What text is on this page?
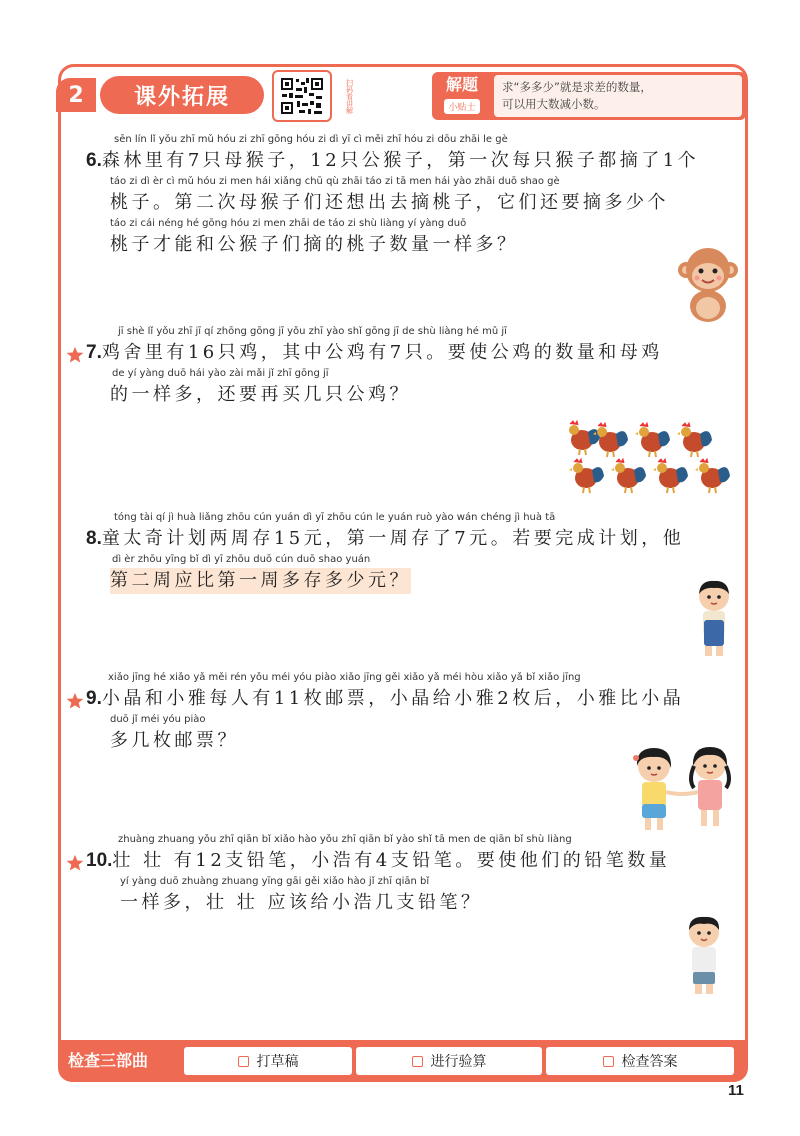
2	课外拓展	扫码看讲解	解题
小贴士
求“多多少”就是求差的数量，
可以用大数减小数。
sēn lín lǐ yǒu zhī mǔ hóu zi zhī gōng hóu zi dì yī cì měi zhī hóu zi dōu zhāi le gè
6.森林里有7只母猴子，12只公猴子，第一次每只猴子都摘了1个
táo zi dì èr cì mǔ hóu zi men hái xiǎng chū qù zhāi táo zi tā men hái yào zhāi duō shao gè
桃子。第二次母猴子们还想出去摘桃子，它们还要摘多少个
táo zi cái néng hé gōng hóu zi men zhāi de táo zi shù liàng yí yàng duō
桃子才能和公猴子们摘的桃子数量一样多？
jī shè lǐ yǒu zhī jī qí zhōng gōng jī yǒu zhī yào shǐ gōng jī de shù liàng hé mǔ jī
7.鸡舍里有16只鸡，其中公鸡有7只。要使公鸡的数量和母鸡
de yí yàng duō hái yào zài mǎi jǐ zhī gōng jī
的一样多，还要再买几只公鸡？
tóng tài qí jì huà liǎng zhōu cún yuán dì yī zhōu cún le yuán ruò yào wán chéng jì huà tā
8.童太奇计划两周存15元，第一周存了7元。若要完成计划，他
dì èr zhōu yīng bǐ dì yī zhōu duō cún duō shao yuán
第二周应比第一周多存多少元？
xiǎo jīng hé xiǎo yǎ měi rén yǒu méi yóu piào xiǎo jīng gěi xiǎo yǎ méi hòu xiǎo yǎ bǐ xiǎo jīng
9.小晶和小雅每人有11枚邮票，小晶给小雅2枚后，小雅比小晶
duō jǐ méi yóu piào
多几枚邮票？
zhuàng zhuang yǒu zhī qiān bǐ xiǎo hào yǒu zhī qiān bǐ yào shǐ tā men de qiān bǐ shù liàng
10.壮 壮 有12支铅笔，小浩有4支铅笔。要使他们的铅笔数量
yí yàng duō zhuàng zhuang yīng gāi gěi xiǎo hào jǐ zhī qiān bǐ
一样多，壮 壮 应该给小浩几支铅笔？
检查三部曲	打草稿	进行验算	检查答案
11
